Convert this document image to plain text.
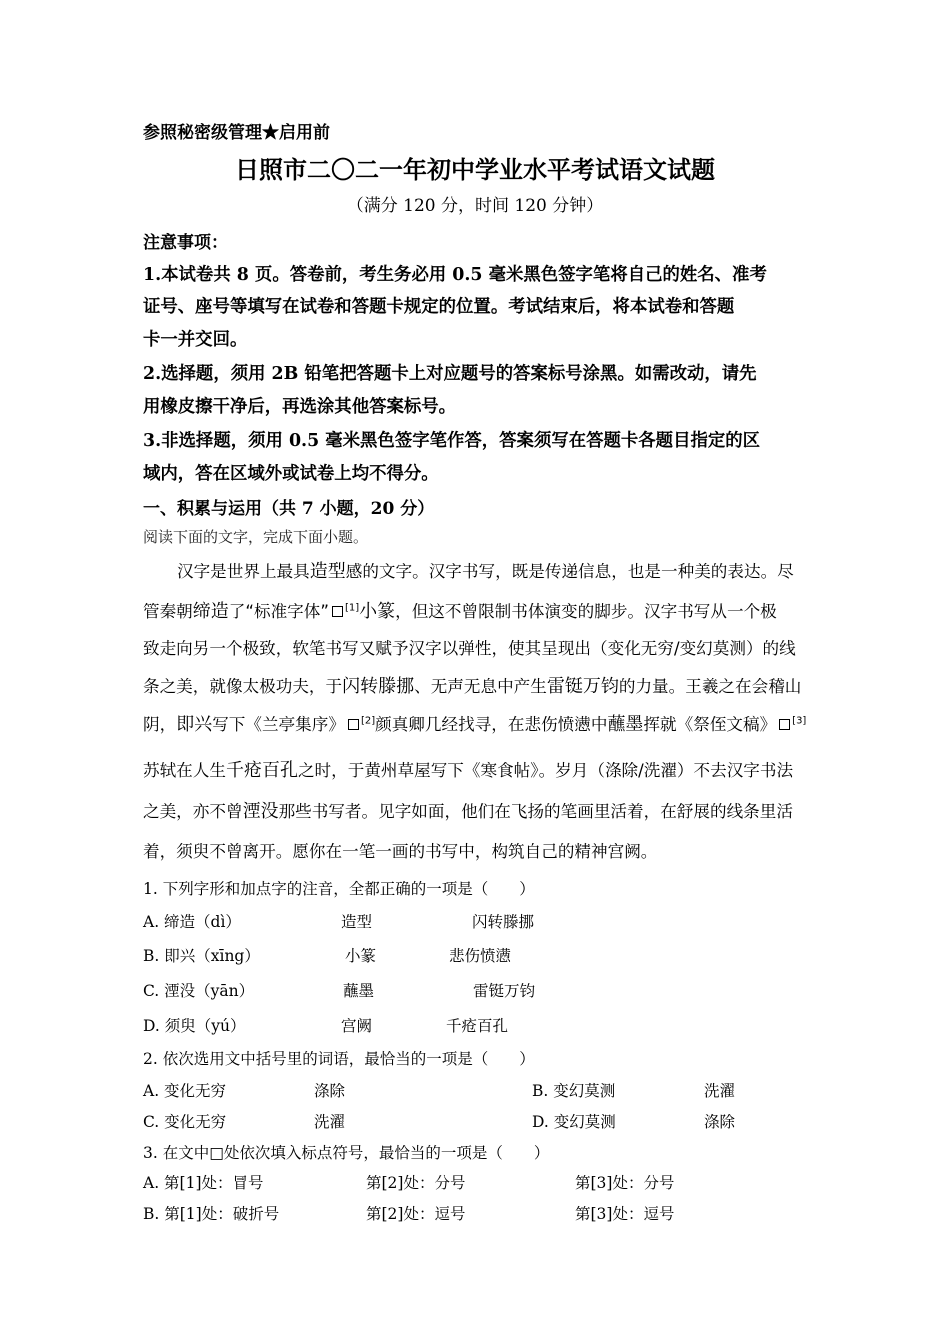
参照秘密级管理★启用前
日照市二〇二一年初中学业水平考试语文试题
（满分 120 分，时间 120 分钟）
注意事项：
1.本试卷共 8 页。答卷前，考生务必用 0.5 毫米黑色签字笔将自己的姓名、准考
证号、座号等填写在试卷和答题卡规定的位置。考试结束后，将本试卷和答题
卡一并交回。
2.选择题，须用 2B 铅笔把答题卡上对应题号的答案标号涂黑。如需改动，请先
用橡皮擦干净后，再选涂其他答案标号。
3.非选择题，须用 0.5 毫米黑色签字笔作答，答案须写在答题卡各题目指定的区
域内，答在区域外或试卷上均不得分。
一、积累与运用（共 7 小题，20 分）
阅读下面的文字，完成下面小题。
汉字是世界上最具造型感的文字。汉字书写，既是传递信息，也是一种美的表达。尽
管秦朝缔造了“标准字体” [1]小篆，但这不曾限制书体演变的脚步。汉字书写从一个极
致走向另一个极致，软笔书写又赋予汉字以弹性，使其呈现出（变化无穷/变幻莫测）的线
条之美，就像太极功夫，于闪转滕挪、无声无息中产生雷铤万钧的力量。王羲之在会稽山
阴，即兴写下《兰亭集序》 [2]颜真卿几经找寻，在悲伤愤懑中蘸墨挥就《祭侄文稿》 [3]
苏轼在人生千疮百孔之时，于黄州草屋写下《寒食帖》。岁月（涤除/洗濯）不去汉字书法
之美，亦不曾湮没那些书写者。见字如面，他们在飞扬的笔画里活着，在舒展的线条里活
着，须臾不曾离开。愿你在一笔一画的书写中，构筑自己的精神宫阙。
1. 下列字形和加点字的注音，全都正确的一项是（　　）
A. 缔造（dì）	造型	闪转滕挪
B. 即兴（xīng）	小篆	悲伤愤懑
C. 湮没（yān）	蘸墨	雷铤万钧
D. 须臾（yú）	宫阙	千疮百孔
2. 依次选用文中括号里的词语，最恰当的一项是（　　）
A. 变化无穷	涤除	B. 变幻莫测	洗濯
C. 变化无穷	洗濯	D. 变幻莫测	涤除
3. 在文中□处依次填入标点符号，最恰当的一项是（　　）
A. 第[1]处：冒号	第[2]处：分号	第[3]处：分号
B. 第[1]处：破折号	第[2]处：逗号	第[3]处：逗号
